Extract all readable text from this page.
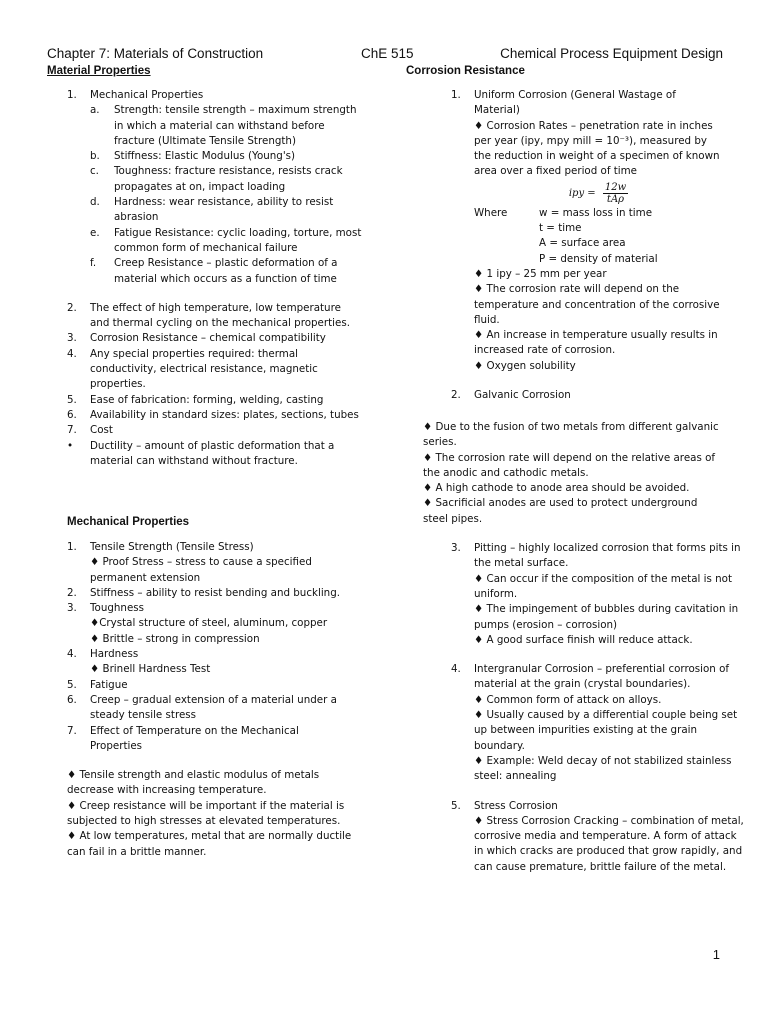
Chapter 7: Materials of Construction	ChE 515	Chemical Process Equipment Design
Material Properties	Corrosion Resistance
1. Mechanical Properties
a. Strength: tensile strength – maximum strength in which a material can withstand before fracture (Ultimate Tensile Strength)
b. Stiffness: Elastic Modulus (Young's)
c. Toughness: fracture resistance, resists crack propagates at on, impact loading
d. Hardness: wear resistance, ability to resist abrasion
e. Fatigue Resistance: cyclic loading, torture, most common form of mechanical failure
f. Creep Resistance – plastic deformation of a material which occurs as a function of time
2. The effect of high temperature, low temperature and thermal cycling on the mechanical properties.
3. Corrosion Resistance – chemical compatibility
4. Any special properties required: thermal conductivity, electrical resistance, magnetic properties.
5. Ease of fabrication: forming, welding, casting
6. Availability in standard sizes: plates, sections, tubes
7. Cost
• Ductility – amount of plastic deformation that a material can withstand without fracture.
Mechanical Properties
1. Tensile Strength (Tensile Stress)
♦ Proof Stress – stress to cause a specified permanent extension
2. Stiffness – ability to resist bending and buckling.
3. Toughness
♦Crystal structure of steel, aluminum, copper
♦ Brittle – strong in compression
4. Hardness
♦ Brinell Hardness Test
5. Fatigue
6. Creep – gradual extension of a material under a steady tensile stress
7. Effect of Temperature on the Mechanical Properties
♦ Tensile strength and elastic modulus of metals decrease with increasing temperature.
♦ Creep resistance will be important if the material is subjected to high stresses at elevated temperatures.
♦ At low temperatures, metal that are normally ductile can fail in a brittle manner.
1. Uniform Corrosion (General Wastage of Material)
♦ Corrosion Rates – penetration rate in inches per year (ipy, mpy mill = 10⁻³), measured by the reduction in weight of a specimen of known area over a fixed period of time
ipy = $\frac{12w}{\text{tAρ}}$
Where	w = mass loss in time
t = time
A = surface area
P = density of material
♦ 1 ipy – 25 mm per year
♦ The corrosion rate will depend on the temperature and concentration of the corrosive fluid.
♦ An increase in temperature usually results in increased rate of corrosion.
♦ Oxygen solubility
2. Galvanic Corrosion
♦ Due to the fusion of two metals from different galvanic series.
♦ The corrosion rate will depend on the relative areas of the anodic and cathodic metals.
♦ A high cathode to anode area should be avoided.
♦ Sacrificial anodes are used to protect underground steel pipes.
3. Pitting – highly localized corrosion that forms pits in the metal surface.
♦ Can occur if the composition of the metal is not uniform.
♦ The impingement of bubbles during cavitation in pumps (erosion – corrosion)
♦ A good surface finish will reduce attack.
4. Intergranular Corrosion – preferential corrosion of material at the grain (crystal boundaries).
♦ Common form of attack on alloys.
♦ Usually caused by a differential couple being set up between impurities existing at the grain boundary.
♦ Example: Weld decay of not stabilized stainless steel: annealing
5. Stress Corrosion
♦ Stress Corrosion Cracking – combination of metal, corrosive media and temperature. A form of attack in which cracks are produced that grow rapidly, and can cause premature, brittle failure of the metal.
1
